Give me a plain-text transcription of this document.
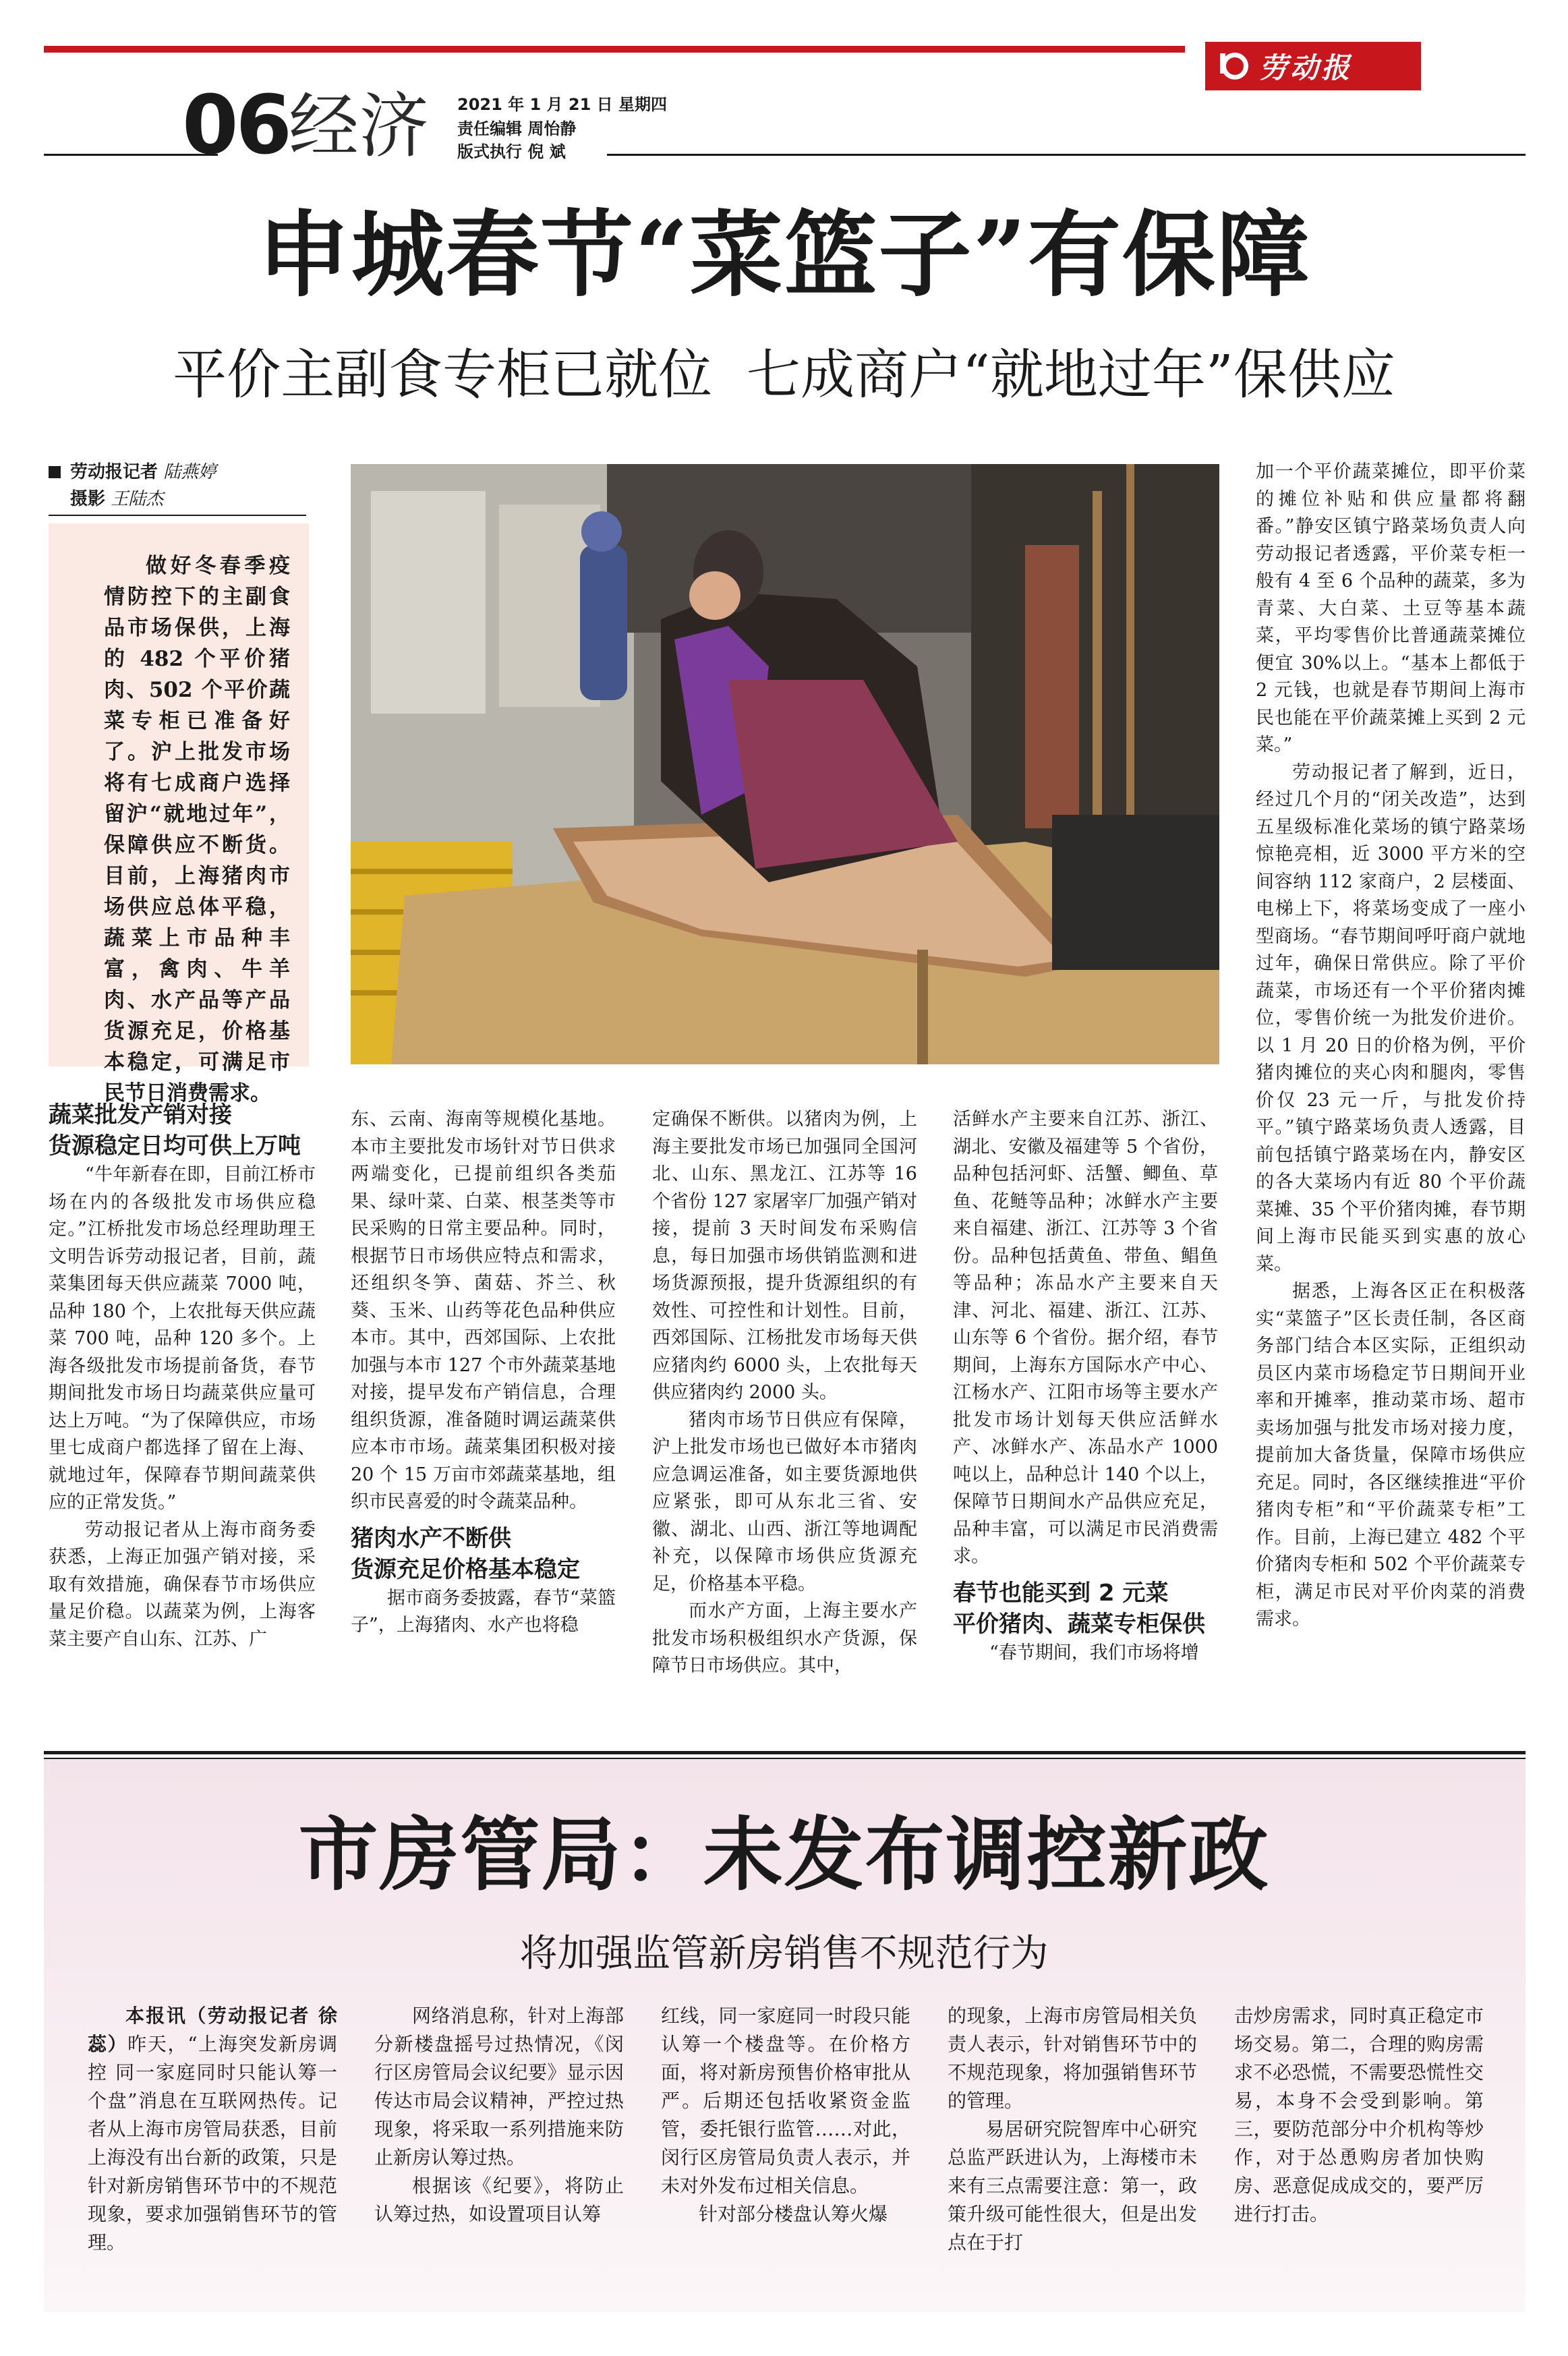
劳动报
06 经济 2021 年 1 月 21 日 星期四
责任编辑 周怡静
版式执行 倪 斌
申城春节“菜篮子”有保障
平价主副食专柜已就位  七成商户“就地过年”保供应
劳动报记者 陆燕婷
摄影 王陆杰
做好冬春季疫情防控下的主副食品市场保供，上海的 482 个平价猪肉、502 个平价蔬菜专柜已准备好了。沪上批发市场将有七成商户选择留沪“就地过年”，保障供应不断货。目前，上海猪肉市场供应总体平稳，蔬菜上市品种丰富，禽肉、牛羊肉、水产品等产品货源充足，价格基本稳定，可满足市民节日消费需求。

蔬菜批发产销对接
货源稳定日均可供上万吨

“牛年新春在即，目前江桥市场在内的各级批发市场供应稳定。”江桥批发市场总经理助理王文明告诉劳动报记者，目前，蔬菜集团每天供应蔬菜 7000 吨，品种 180 个，上农批每天供应蔬菜 700 吨，品种 120 多个。上海各级批发市场提前备货，春节期间批发市场日均蔬菜供应量可达上万吨。“为了保障供应，市场里七成商户都选择了留在上海、就地过年，保障春节期间蔬菜供应的正常发货。”

劳动报记者从上海市商务委获悉，上海正加强产销对接，采取有效措施，确保春节市场供应量足价稳。以蔬菜为例，上海客菜主要产自山东、江苏、广

东、云南、海南等规模化基地。本市主要批发市场针对节日供求两端变化，已提前组织各类茄果、绿叶菜、白菜、根茎类等市民采购的日常主要品种。同时，根据节日市场供应特点和需求，还组织冬笋、菌菇、芥兰、秋葵、玉米、山药等花色品种供应本市。其中，西郊国际、上农批加强与本市 127 个市外蔬菜基地对接，提早发布产销信息，合理组织货源，准备随时调运蔬菜供应本市市场。蔬菜集团积极对接 20 个 15 万亩市郊蔬菜基地，组织市民喜爱的时令蔬菜品种。

猪肉水产不断供
货源充足价格基本稳定

据市商务委披露，春节“菜篮子”，上海猪肉、水产也将稳

定确保不断供。以猪肉为例，上海主要批发市场已加强同全国河北、山东、黑龙江、江苏等 16 个省份 127 家屠宰厂加强产销对接，提前 3 天时间发布采购信息，每日加强市场供销监测和进场货源预报，提升货源组织的有效性、可控性和计划性。目前，西郊国际、江杨批发市场每天供应猪肉约 6000 头，上农批每天供应猪肉约 2000 头。

猪肉市场节日供应有保障，沪上批发市场也已做好本市猪肉应急调运准备，如主要货源地供应紧张，即可从东北三省、安徽、湖北、山西、浙江等地调配补充，以保障市场供应货源充足，价格基本平稳。

而水产方面，上海主要水产批发市场积极组织水产货源，保障节日市场供应。其中，

活鲜水产主要来自江苏、浙江、湖北、安徽及福建等 5 个省份，品种包括河虾、活蟹、鲫鱼、草鱼、花鲢等品种；冰鲜水产主要来自福建、浙江、江苏等 3 个省份。品种包括黄鱼、带鱼、鲳鱼等品种；冻品水产主要来自天津、河北、福建、浙江、江苏、山东等 6 个省份。据介绍，春节期间，上海东方国际水产中心、江杨水产、江阳市场等主要水产批发市场计划每天供应活鲜水产、冰鲜水产、冻品水产 1000 吨以上，品种总计 140 个以上，保障节日期间水产品供应充足，品种丰富，可以满足市民消费需求。

春节也能买到 2 元菜
平价猪肉、蔬菜专柜保供

“春节期间，我们市场将增

加一个平价蔬菜摊位，即平价菜的摊位补贴和供应量都将翻番。”静安区镇宁路菜场负责人向劳动报记者透露，平价菜专柜一般有 4 至 6 个品种的蔬菜，多为青菜、大白菜、土豆等基本蔬菜，平均零售价比普通蔬菜摊位便宜 30%以上。“基本上都低于 2 元钱，也就是春节期间上海市民也能在平价蔬菜摊上买到 2 元菜。”

劳动报记者了解到，近日，经过几个月的“闭关改造”，达到五星级标准化菜场的镇宁路菜场惊艳亮相，近 3000 平方米的空间容纳 112 家商户，2 层楼面、电梯上下，将菜场变成了一座小型商场。“春节期间呼吁商户就地过年，确保日常供应。除了平价蔬菜，市场还有一个平价猪肉摊位，零售价统一为批发价进价。以 1 月 20 日的价格为例，平价猪肉摊位的夹心肉和腿肉，零售价仅 23 元一斤，与批发价持平。”镇宁路菜场负责人透露，目前包括镇宁路菜场在内，静安区的各大菜场内有近 80 个平价蔬菜摊、35 个平价猪肉摊，春节期间上海市民能买到实惠的放心菜。

据悉，上海各区正在积极落实“菜篮子”区长责任制，各区商务部门结合本区实际，正组织动员区内菜市场稳定节日期间开业率和开摊率，推动菜市场、超市卖场加强与批发市场对接力度，提前加大备货量，保障市场供应充足。同时，各区继续推进“平价猪肉专柜”和“平价蔬菜专柜”工作。目前，上海已建立 482 个平价猪肉专柜和 502 个平价蔬菜专柜，满足市民对平价肉菜的消费需求。

市房管局：未发布调控新政
将加强监管新房销售不规范行为

本报讯（劳动报记者 徐蕊）昨天，“上海突发新房调控 同一家庭同时只能认筹一个盘”消息在互联网热传。记者从上海市房管局获悉，目前上海没有出台新的政策，只是针对新房销售环节中的不规范现象，要求加强销售环节的管理。

网络消息称，针对上海部分新楼盘摇号过热情况，《闵行区房管局会议纪要》显示因传达市局会议精神，严控过热现象，将采取一系列措施来防止新房认筹过热。

根据该《纪要》，将防止认筹过热，如设置项目认筹

红线，同一家庭同一时段只能认筹一个楼盘等。在价格方面，将对新房预售价格审批从严。后期还包括收紧资金监管，委托银行监管……对此，闵行区房管局负责人表示，并未对外发布过相关信息。

针对部分楼盘认筹火爆

的现象，上海市房管局相关负责人表示，针对销售环节中的不规范现象，将加强销售环节的管理。

易居研究院智库中心研究总监严跃进认为，上海楼市未来有三点需要注意：第一，政策升级可能性很大，但是出发点在于打

击炒房需求，同时真正稳定市场交易。第二，合理的购房需求不必恐慌，不需要恐慌性交易，本身不会受到影响。第三，要防范部分中介机构等炒作，对于怂恿购房者加快购房、恶意促成成交的，要严厉进行打击。
